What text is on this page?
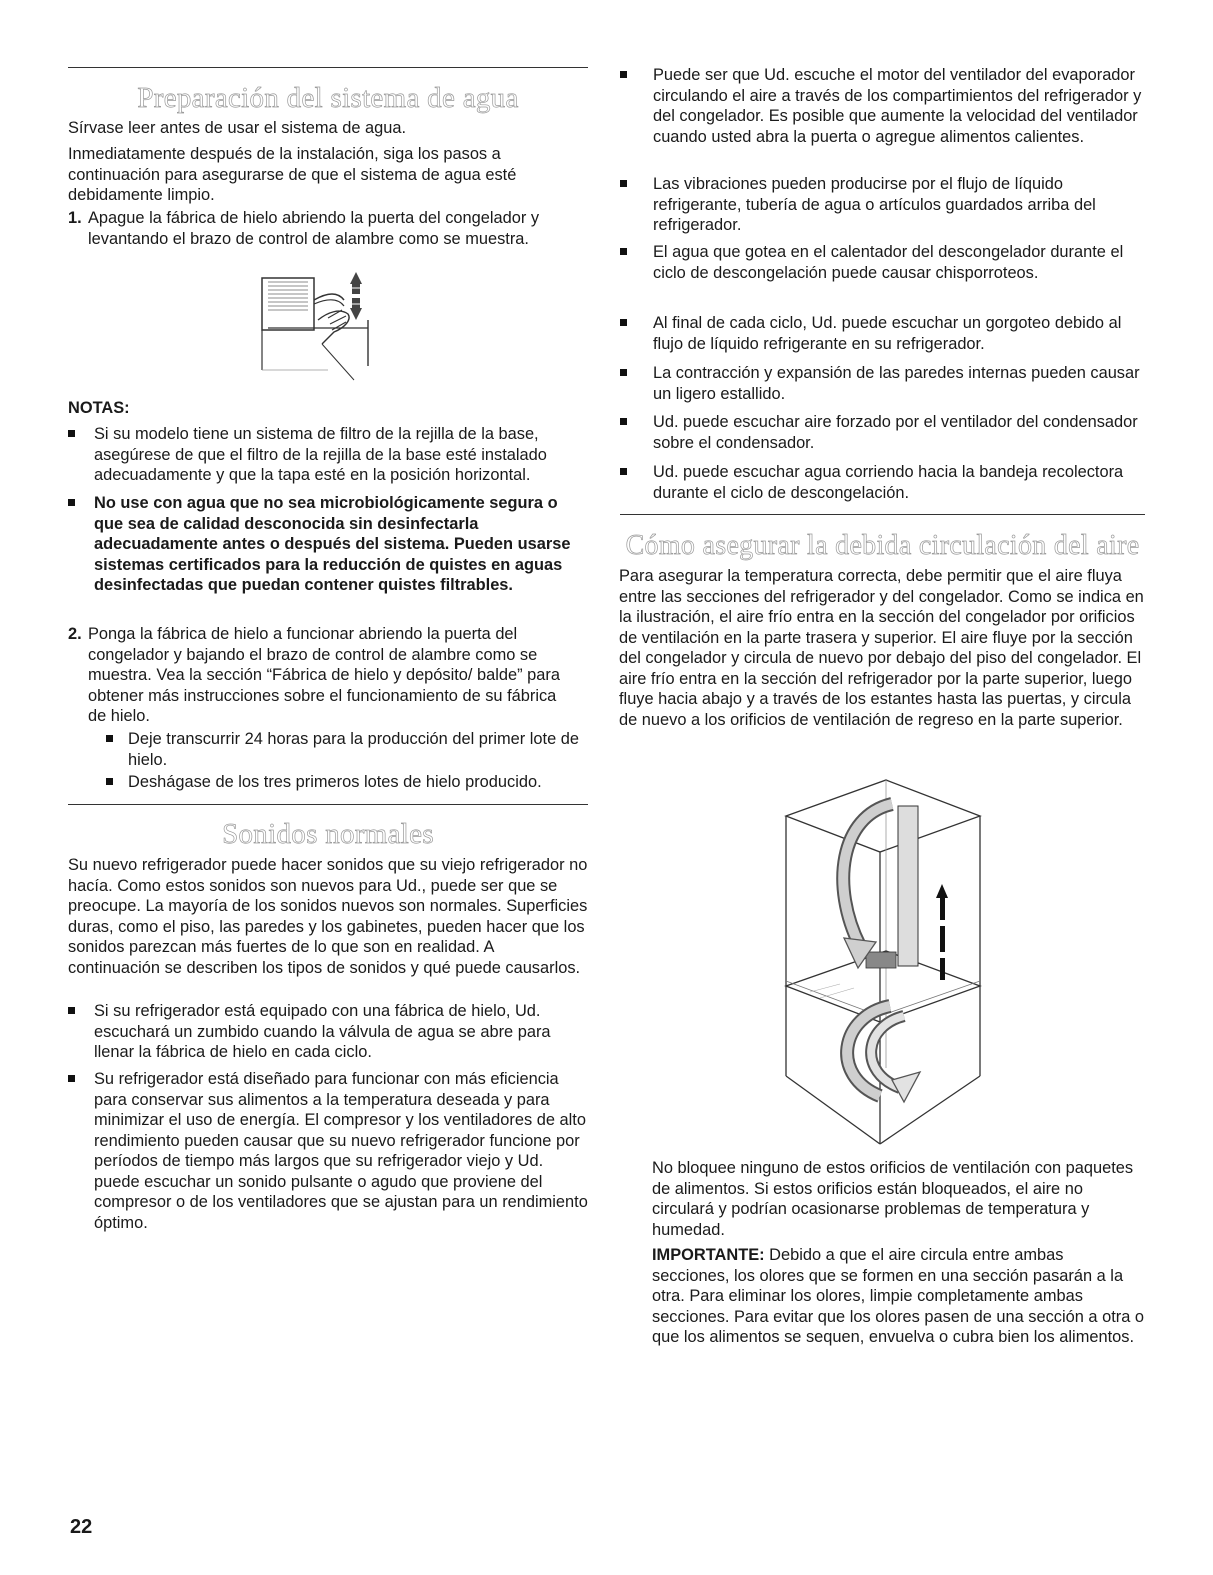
Preparación del sistema de agua

Sírvase leer antes de usar el sistema de agua.

Inmediatamente después de la instalación, siga los pasos a continuación para asegurarse de que el sistema de agua esté debidamente limpio.

1. Apague la fábrica de hielo abriendo la puerta del congelador y levantando el brazo de control de alambre como se muestra.
NOTAS:
Si su modelo tiene un sistema de filtro de la rejilla de la base, asegúrese de que el filtro de la rejilla de la base esté instalado adecuadamente y que la tapa esté en la posición horizontal.
No use con agua que no sea microbiológicamente segura o que sea de calidad desconocida sin desinfectarla adecuadamente antes o después del sistema. Pueden usarse sistemas certificados para la reducción de quistes en aguas desinfectadas que puedan contener quistes filtrables.
2. Ponga la fábrica de hielo a funcionar abriendo la puerta del congelador y bajando el brazo de control de alambre como se muestra. Vea la sección “Fábrica de hielo y depósito/ balde” para obtener más instrucciones sobre el funcionamiento de su fábrica de hielo.
Deje transcurrir 24 horas para la producción del primer lote de hielo.
Deshágase de los tres primeros lotes de hielo producido.
Sonidos normales

Su nuevo refrigerador puede hacer sonidos que su viejo refrigerador no hacía. Como estos sonidos son nuevos para Ud., puede ser que se preocupe. La mayoría de los sonidos nuevos son normales. Superficies duras, como el piso, las paredes y los gabinetes, pueden hacer que los sonidos parezcan más fuertes de lo que son en realidad. A continuación se describen los tipos de sonidos y qué puede causarlos.

Si su refrigerador está equipado con una fábrica de hielo, Ud. escuchará un zumbido cuando la válvula de agua se abre para llenar la fábrica de hielo en cada ciclo.
Su refrigerador está diseñado para funcionar con más eficiencia para conservar sus alimentos a la temperatura deseada y para minimizar el uso de energía. El compresor y los ventiladores de alto rendimiento pueden causar que su nuevo refrigerador funcione por períodos de tiempo más largos que su refrigerador viejo y Ud. puede escuchar un sonido pulsante o agudo que proviene del compresor o de los ventiladores que se ajustan para un rendimiento óptimo.
22
Puede ser que Ud. escuche el motor del ventilador del evaporador circulando el aire a través de los compartimientos del refrigerador y del congelador. Es posible que aumente la velocidad del ventilador cuando usted abra la puerta o agregue alimentos calientes.
Las vibraciones pueden producirse por el flujo de líquido refrigerante, tubería de agua o artículos guardados arriba del refrigerador.
El agua que gotea en el calentador del descongelador durante el ciclo de descongelación puede causar chisporroteos.
Al final de cada ciclo, Ud. puede escuchar un gorgoteo debido al flujo de líquido refrigerante en su refrigerador.
La contracción y expansión de las paredes internas pueden causar un ligero estallido.
Ud. puede escuchar aire forzado por el ventilador del condensador sobre el condensador.
Ud. puede escuchar agua corriendo hacia la bandeja recolectora durante el ciclo de descongelación.
Cómo asegurar la debida circulación del aire

Para asegurar la temperatura correcta, debe permitir que el aire fluya entre las secciones del refrigerador y del congelador. Como se indica en la ilustración, el aire frío entra en la sección del congelador por orificios de ventilación en la parte trasera y superior. El aire fluye por la sección del congelador y circula de nuevo por debajo del piso del congelador. El aire frío entra en la sección del refrigerador por la parte superior, luego fluye hacia abajo y a través de los estantes hasta las puertas, y circula de nuevo a los orificios de ventilación de regreso en la parte superior.

No bloquee ninguno de estos orificios de ventilación con paquetes de alimentos. Si estos orificios están bloqueados, el aire no circulará y podrían ocasionarse problemas de temperatura y humedad.

IMPORTANTE: Debido a que el aire circula entre ambas secciones, los olores que se formen en una sección pasarán a la otra. Para eliminar los olores, limpie completamente ambas secciones. Para evitar que los olores pasen de una sección a otra o que los alimentos se sequen, envuelva o cubra bien los alimentos.
